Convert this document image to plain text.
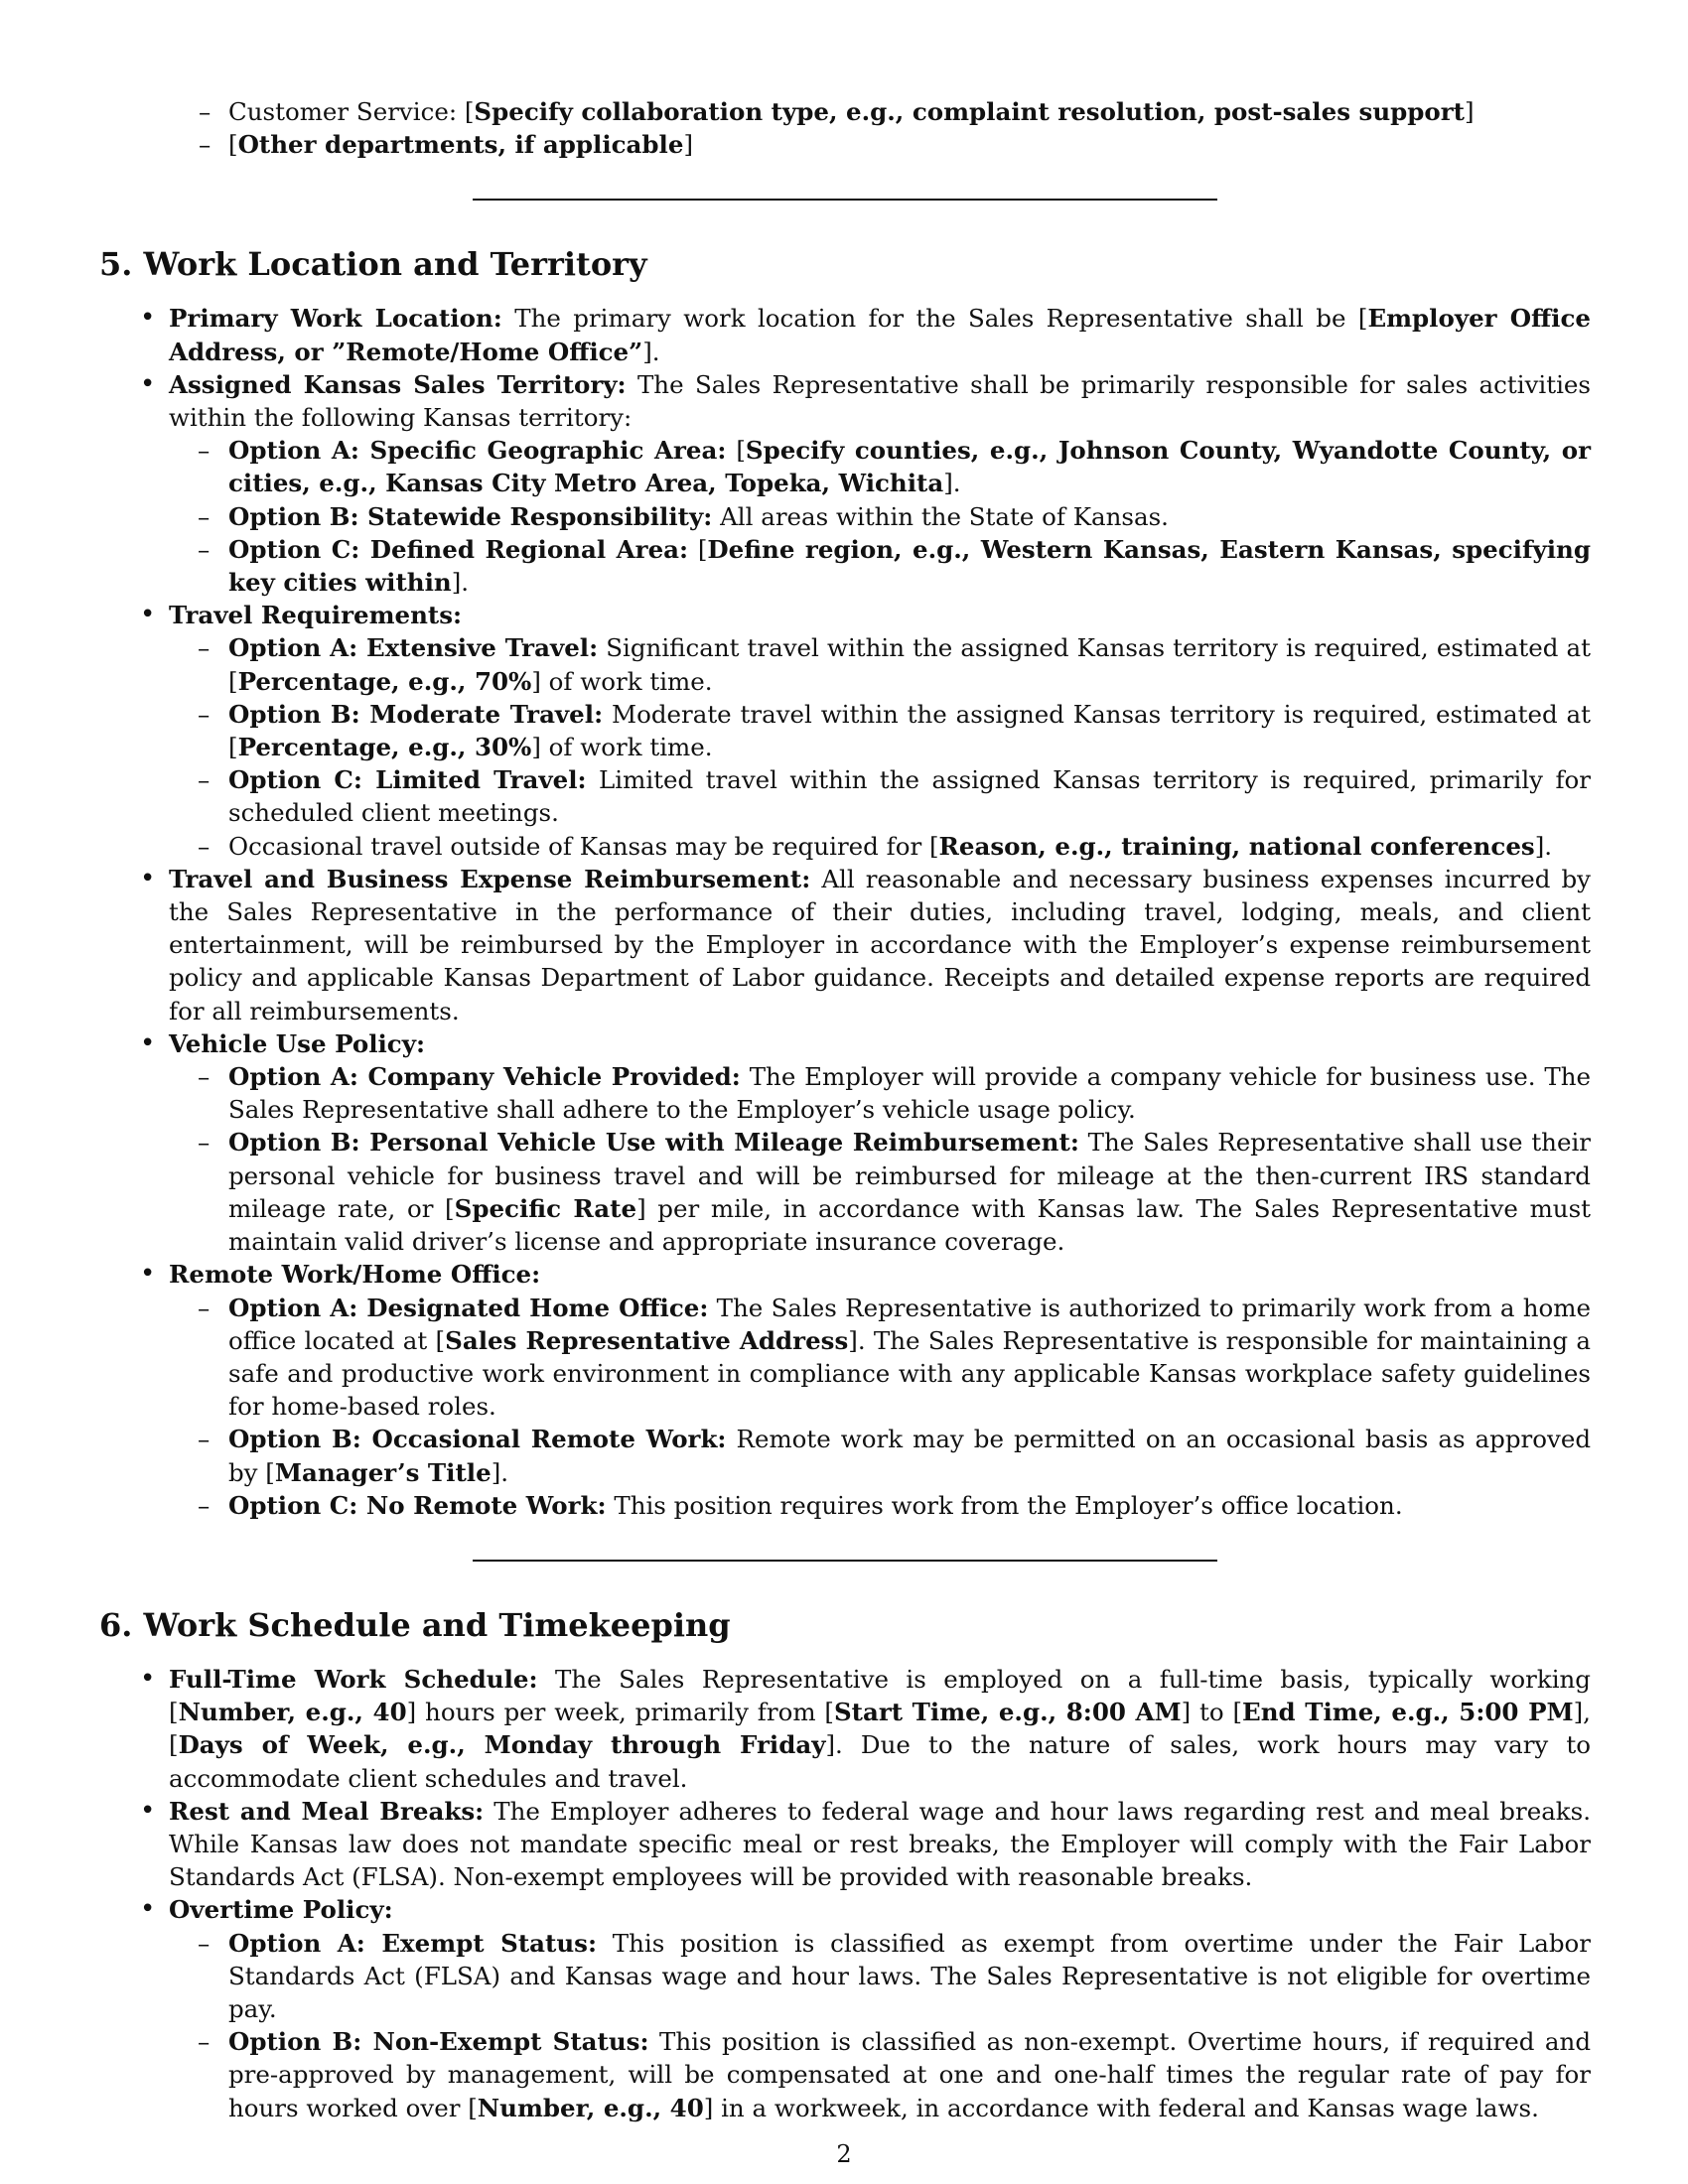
– Customer Service: [Specify collaboration type, e.g., complaint resolution, post-sales support]
– [Other departments, if applicable]
5. Work Location and Territory
• Primary Work Location: The primary work location for the Sales Representative shall be [Employer Office Address, or ”Remote/Home Office”].
• Assigned Kansas Sales Territory: The Sales Representative shall be primarily responsible for sales activities within the following Kansas territory:
– Option A: Specific Geographic Area: [Specify counties, e.g., Johnson County, Wyandotte County, or cities, e.g., Kansas City Metro Area, Topeka, Wichita].
– Option B: Statewide Responsibility: All areas within the State of Kansas.
– Option C: Defined Regional Area: [Define region, e.g., Western Kansas, Eastern Kansas, specifying key cities within].
• Travel Requirements:
– Option A: Extensive Travel: Significant travel within the assigned Kansas territory is required, estimated at [Percentage, e.g., 70%] of work time.
– Option B: Moderate Travel: Moderate travel within the assigned Kansas territory is required, estimated at [Percentage, e.g., 30%] of work time.
– Option C: Limited Travel: Limited travel within the assigned Kansas territory is required, primarily for scheduled client meetings.
– Occasional travel outside of Kansas may be required for [Reason, e.g., training, national conferences].
• Travel and Business Expense Reimbursement: All reasonable and necessary business expenses incurred by the Sales Representative in the performance of their duties, including travel, lodging, meals, and client entertainment, will be reimbursed by the Employer in accordance with the Employer’s expense reimbursement policy and applicable Kansas Department of Labor guidance. Receipts and detailed expense reports are required for all reimbursements.
• Vehicle Use Policy:
– Option A: Company Vehicle Provided: The Employer will provide a company vehicle for business use. The Sales Representative shall adhere to the Employer’s vehicle usage policy.
– Option B: Personal Vehicle Use with Mileage Reimbursement: The Sales Representative shall use their personal vehicle for business travel and will be reimbursed for mileage at the then-current IRS standard mileage rate, or [Specific Rate] per mile, in accordance with Kansas law. The Sales Representative must maintain valid driver’s license and appropriate insurance coverage.
• Remote Work/Home Office:
– Option A: Designated Home Office: The Sales Representative is authorized to primarily work from a home office located at [Sales Representative Address]. The Sales Representative is responsible for maintaining a safe and productive work environment in compliance with any applicable Kansas workplace safety guidelines for home-based roles.
– Option B: Occasional Remote Work: Remote work may be permitted on an occasional basis as approved by [Manager’s Title].
– Option C: No Remote Work: This position requires work from the Employer’s office location.
6. Work Schedule and Timekeeping
• Full-Time Work Schedule: The Sales Representative is employed on a full-time basis, typically working [Number, e.g., 40] hours per week, primarily from [Start Time, e.g., 8:00 AM] to [End Time, e.g., 5:00 PM], [Days of Week, e.g., Monday through Friday]. Due to the nature of sales, work hours may vary to accommodate client schedules and travel.
• Rest and Meal Breaks: The Employer adheres to federal wage and hour laws regarding rest and meal breaks. While Kansas law does not mandate specific meal or rest breaks, the Employer will comply with the Fair Labor Standards Act (FLSA). Non-exempt employees will be provided with reasonable breaks.
• Overtime Policy:
– Option A: Exempt Status: This position is classified as exempt from overtime under the Fair Labor Standards Act (FLSA) and Kansas wage and hour laws. The Sales Representative is not eligible for overtime pay.
– Option B: Non-Exempt Status: This position is classified as non-exempt. Overtime hours, if required and pre-approved by management, will be compensated at one and one-half times the regular rate of pay for hours worked over [Number, e.g., 40] in a workweek, in accordance with federal and Kansas wage laws.
2
